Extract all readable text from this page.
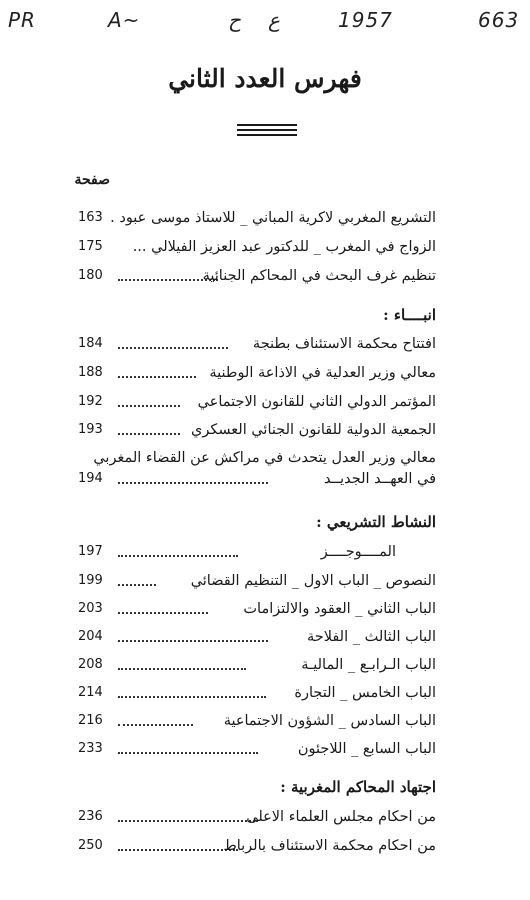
PR	A~	ح ع	1957	663
فهرس العدد الثاني
صفحة
163 التشريع المغربي لاكرية المباني _ للاستاذ موسى عبود .
175 الزواج في المغرب _ للدكتور عبد العزيز الفيلالي ...
180	تنظيم غرف البحث في المحاكم الجنائية
انبــــاء :
184	افتتاح محكمة الاستئناف بطنجة
188	معالي وزير العدلية في الاذاعة الوطنية
192	المؤتمر الدولي الثاني للقانون الاجتماعي
193	الجمعية الدولية للقانون الجنائي العسكري
معالي وزير العدل يتحدث في مراكش عن القضاء المغربي
194	في العهــد الجديــد
النشاط التشريعي :
197	المــــوجــــز
199	النصوص _ الباب الاول _ التنظيم القضائي
203	الباب الثاني _ العقود والالتزامات
204	الباب الثالث _ الفلاحة
208	الباب الـرابـع _ الماليـة
214	الباب الخامس _ التجارة
216	الباب السادس _ الشؤون الاجتماعية
233	الباب السابع _ اللاجئون
اجتهاد المحاكم المغربية :
236	من احكام مجلس العلماء الاعلى
250	من احكام محكمة الاستئناف بالرباط
